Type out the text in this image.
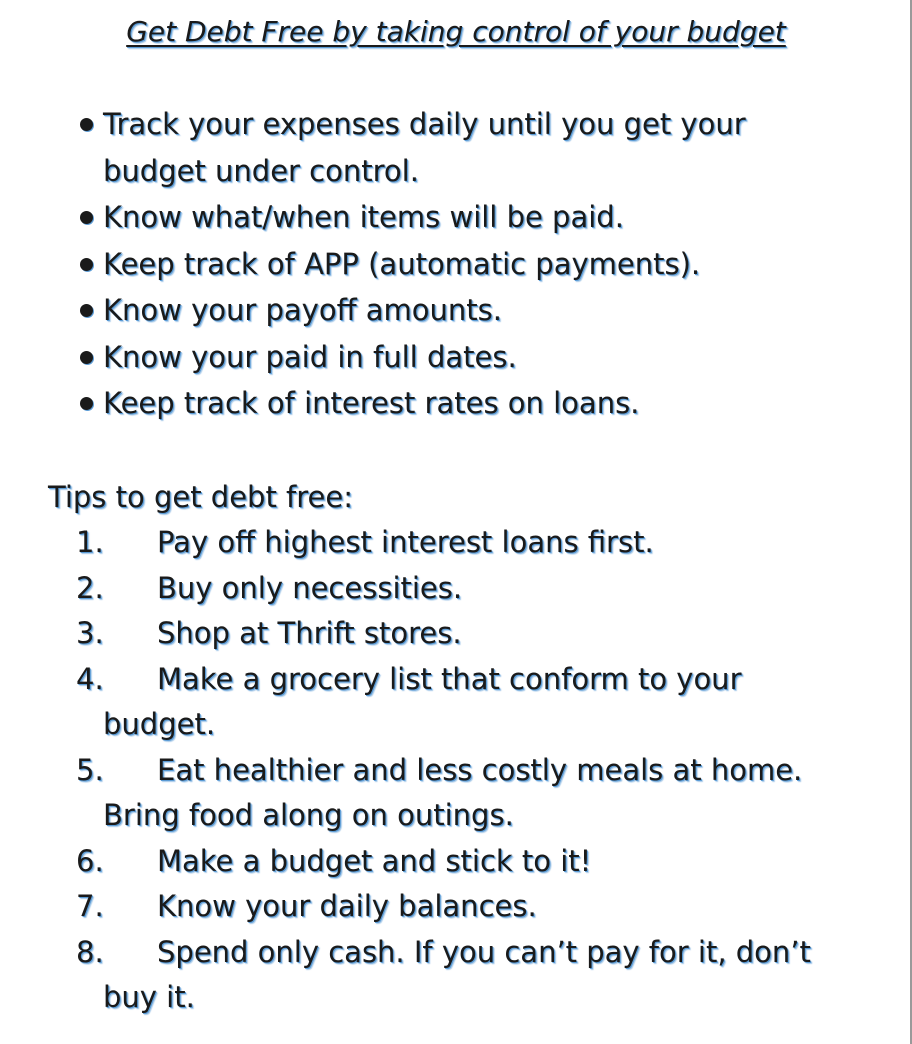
Get Debt Free by taking control of your budget
Track your expenses daily until you get your budget under control.
Know what/when items will be paid.
Keep track of APP (automatic payments).
Know your payoff amounts.
Know your paid in full dates.
Keep track of interest rates on loans.
Tips to get debt free:
1.	Pay off highest interest loans first.
2.	Buy only necessities.
3.	Shop at Thrift stores.
4.	Make a grocery list that conform to your
budget.
5.	Eat healthier and less costly meals at home.
Bring food along on outings.
6.	Make a budget and stick to it!
7.	Know your daily balances.
8.	Spend only cash. If you can’t pay for it, don’t
buy it.
